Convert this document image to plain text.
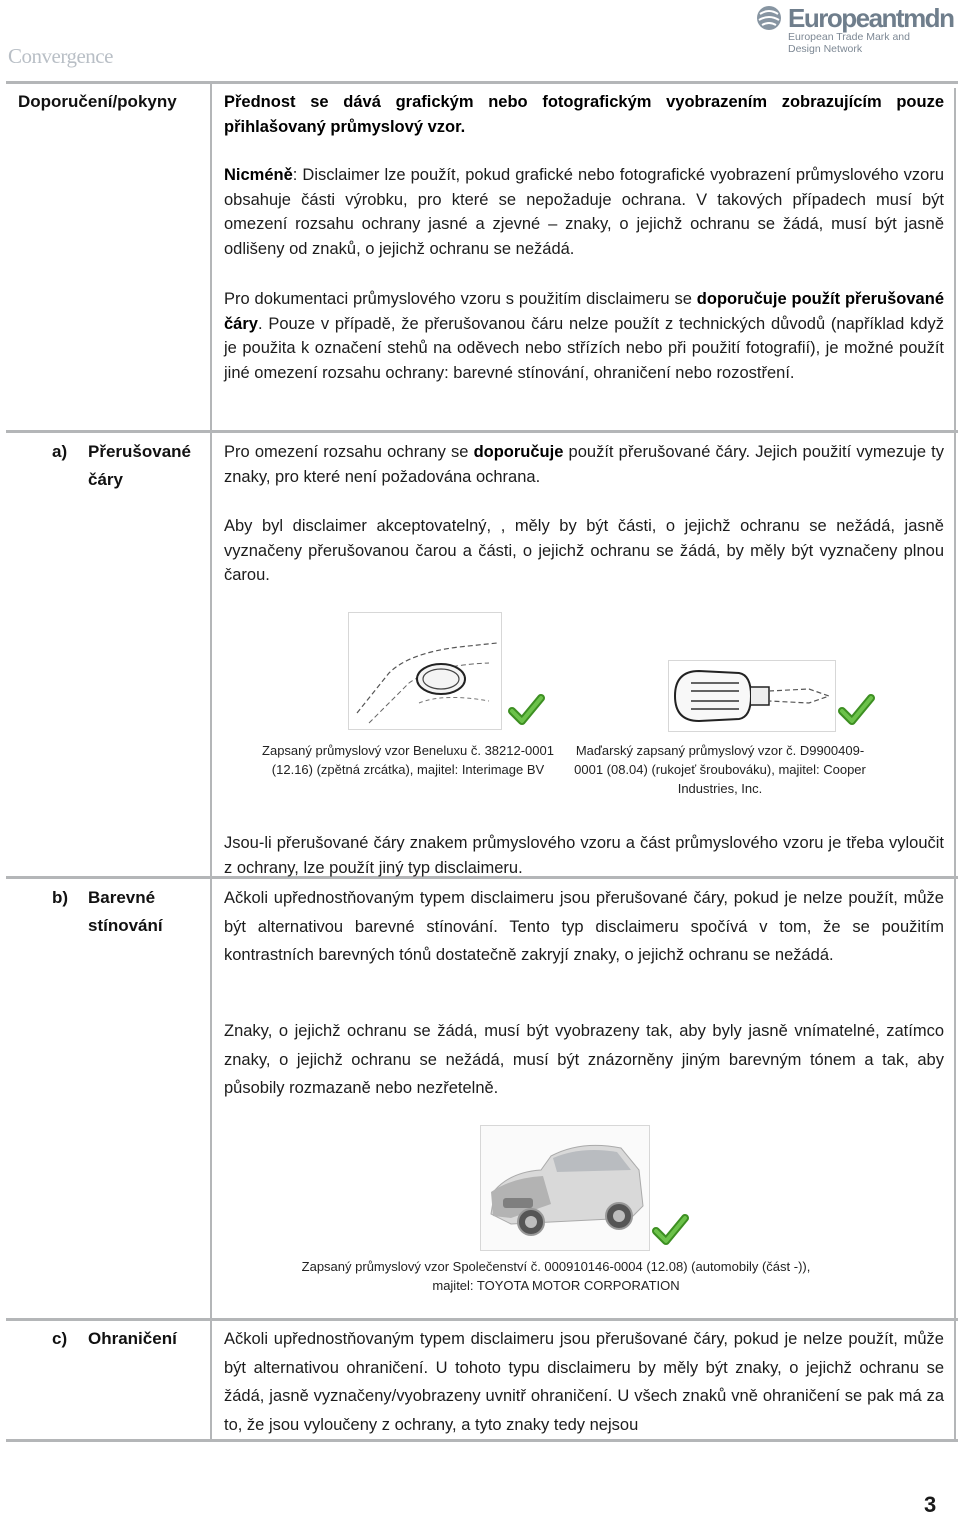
Convergence
Europeantmdn
European Trade Mark and
Design Network
Doporučení/pokyny	Přednost se dává grafickým nebo fotografickým vyobrazením zobrazujícím pouze přihlašovaný průmyslový vzor.

Nicméně: Disclaimer lze použít, pokud grafické nebo fotografické vyobrazení průmyslového vzoru obsahuje části výrobku, pro které se nepožaduje ochrana. V takových případech musí být omezení rozsahu ochrany jasné a zjevné – znaky, o jejichž ochranu se žádá, musí být jasně odlišeny od znaků, o jejichž ochranu se nežádá.

Pro dokumentaci průmyslového vzoru s použitím disclaimeru se doporučuje použít přerušované čáry. Pouze v případě, že přerušovanou čáru nelze použít z technických důvodů (například když je použita k označení stehů na oděvech nebo střízích nebo při použití fotografií), je možné použít jiné omezení rozsahu ochrany: barevné stínování, ohraničení nebo rozostření.

a) Přerušované čáry

Pro omezení rozsahu ochrany se doporučuje použít přerušované čáry. Jejich použití vymezuje ty znaky, pro které není požadována ochrana.

Aby byl disclaimer akceptovatelný, , měly by být části, o jejichž ochranu se nežádá, jasně vyznačeny přerušovanou čarou a části, o jejichž ochranu se žádá, by měly být vyznačeny plnou čarou.

Zapsaný průmyslový vzor Beneluxu č. 38212-0001 (12.16) (zpětná zrcátka), majitel: Interimage BV
Maďarský zapsaný průmyslový vzor č. D9900409-0001 (08.04) (rukojeť šroubováku), majitel: Cooper Industries, Inc.

Jsou-li přerušované čáry znakem průmyslového vzoru a část průmyslového vzoru je třeba vyloučit z ochrany, lze použít jiný typ disclaimeru.

b) Barevné stínování

Ačkoli upřednostňovaným typem disclaimeru jsou přerušované čáry, pokud je nelze použít, může být alternativou barevné stínování. Tento typ disclaimeru spočívá v tom, že se použitím kontrastních barevných tónů dostatečně zakryjí znaky, o jejichž ochranu se nežádá.

Znaky, o jejichž ochranu se žádá, musí být vyobrazeny tak, aby byly jasně vnímatelné, zatímco znaky, o jejichž ochranu se nežádá, musí být znázorněny jiným barevným tónem a tak, aby působily rozmazaně nebo nezřetelně.

Zapsaný průmyslový vzor Společenství č. 000910146-0004 (12.08) (automobily (část -)), majitel: TOYOTA MOTOR CORPORATION
c) Ohraničení	Ačkoli upřednostňovaným typem disclaimeru jsou přerušované čáry, pokud je nelze použít, může být alternativou ohraničení. U tohoto typu disclaimeru by měly být znaky, o jejichž ochranu se žádá, jasně vyznačeny/vyobrazeny uvnitř ohraničení. U všech znaků vně ohraničení se pak má za to, že jsou vyloučeny z ochrany, a tyto znaky tedy nejsou

3
